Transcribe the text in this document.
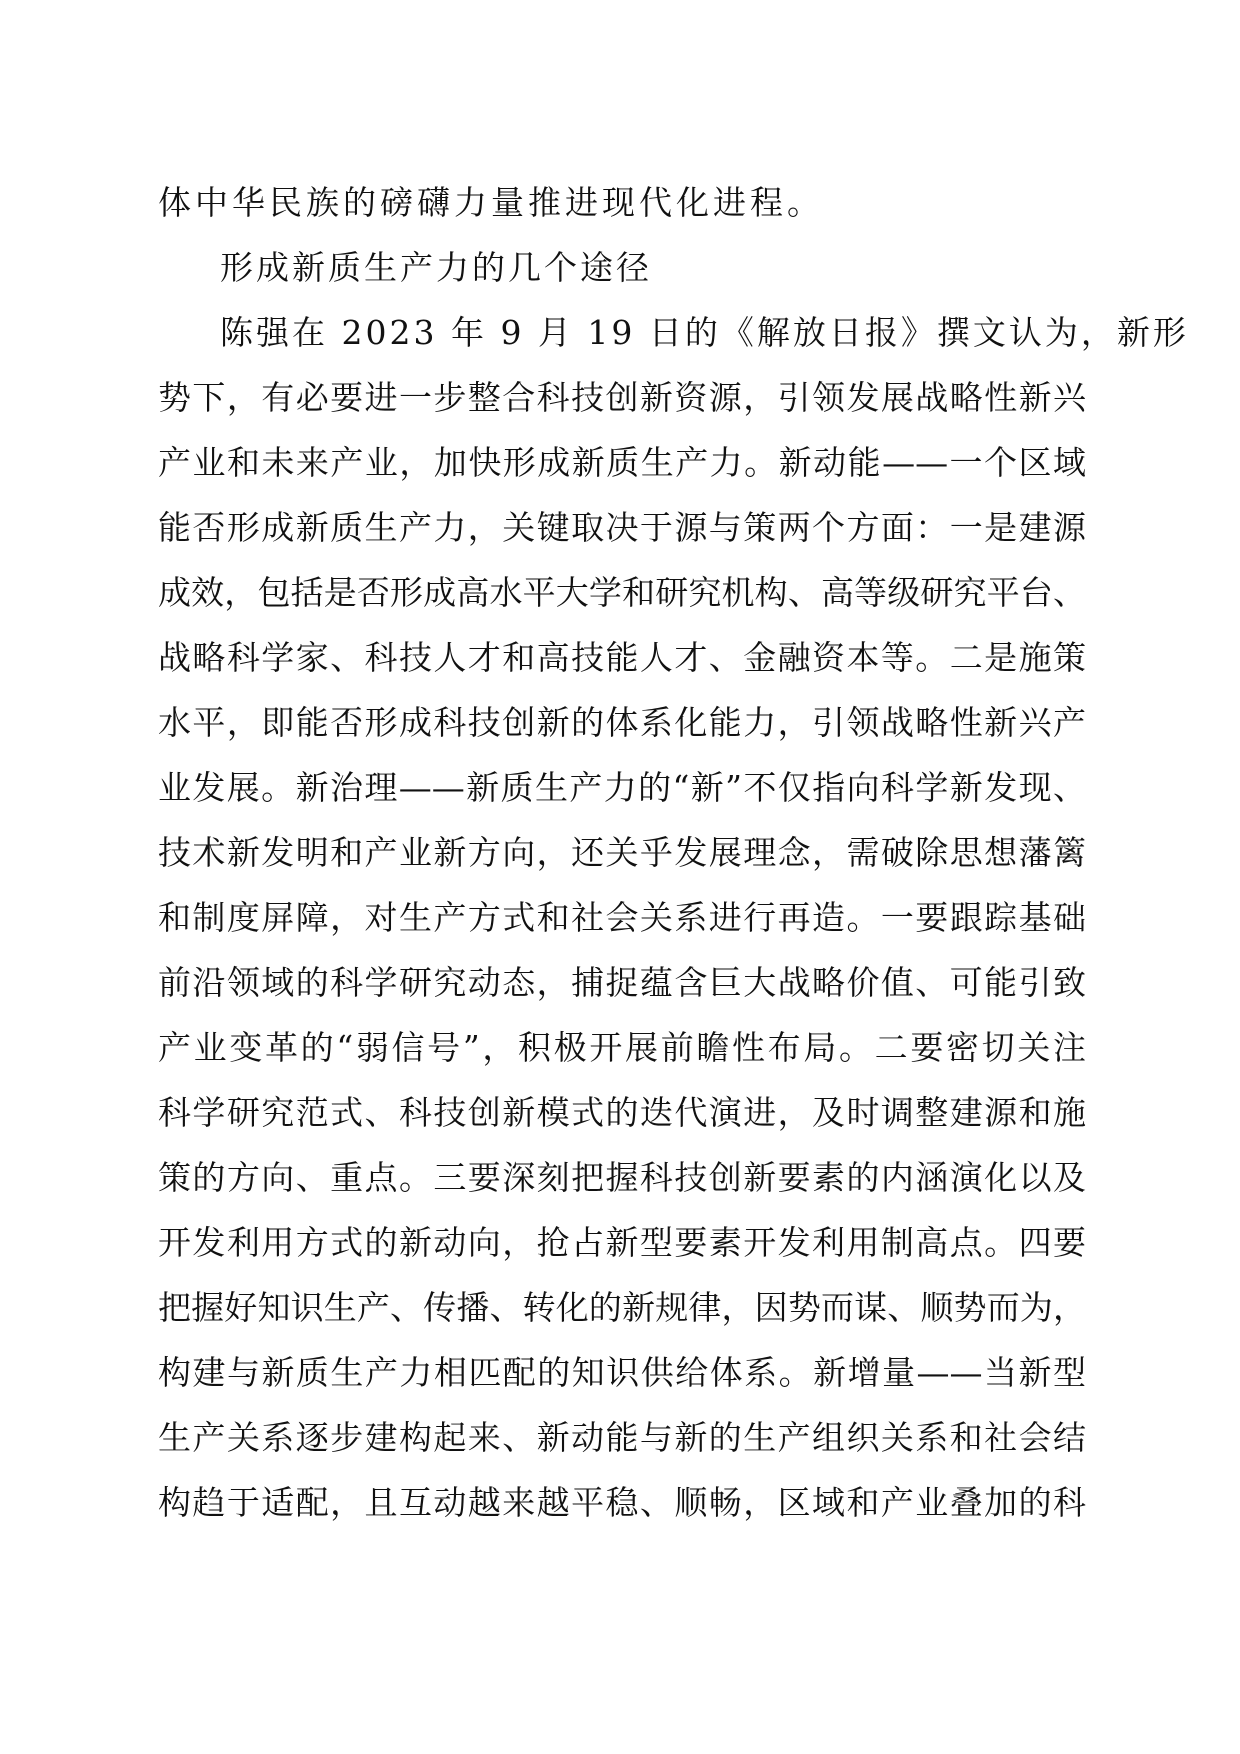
体中华民族的磅礴力量推进现代化进程。
形成新质生产力的几个途径
陈强在 2023 年 9 月 19 日的《解放日报》撰文认为，新形
势下，有必要进一步整合科技创新资源，引领发展战略性新兴
产业和未来产业，加快形成新质生产力。新动能——一个区域
能否形成新质生产力，关键取决于源与策两个方面：一是建源
成效，包括是否形成高水平大学和研究机构、高等级研究平台、
战略科学家、科技人才和高技能人才、金融资本等。二是施策
水平，即能否形成科技创新的体系化能力，引领战略性新兴产
业发展。新治理——新质生产力的“新”不仅指向科学新发现、
技术新发明和产业新方向，还关乎发展理念，需破除思想藩篱
和制度屏障，对生产方式和社会关系进行再造。一要跟踪基础
前沿领域的科学研究动态，捕捉蕴含巨大战略价值、可能引致
产业变革的“弱信号”，积极开展前瞻性布局。二要密切关注
科学研究范式、科技创新模式的迭代演进，及时调整建源和施
策的方向、重点。三要深刻把握科技创新要素的内涵演化以及
开发利用方式的新动向，抢占新型要素开发利用制高点。四要
把握好知识生产、传播、转化的新规律，因势而谋、顺势而为，
构建与新质生产力相匹配的知识供给体系。新增量——当新型
生产关系逐步建构起来、新动能与新的生产组织关系和社会结
构趋于适配，且互动越来越平稳、顺畅，区域和产业叠加的科
